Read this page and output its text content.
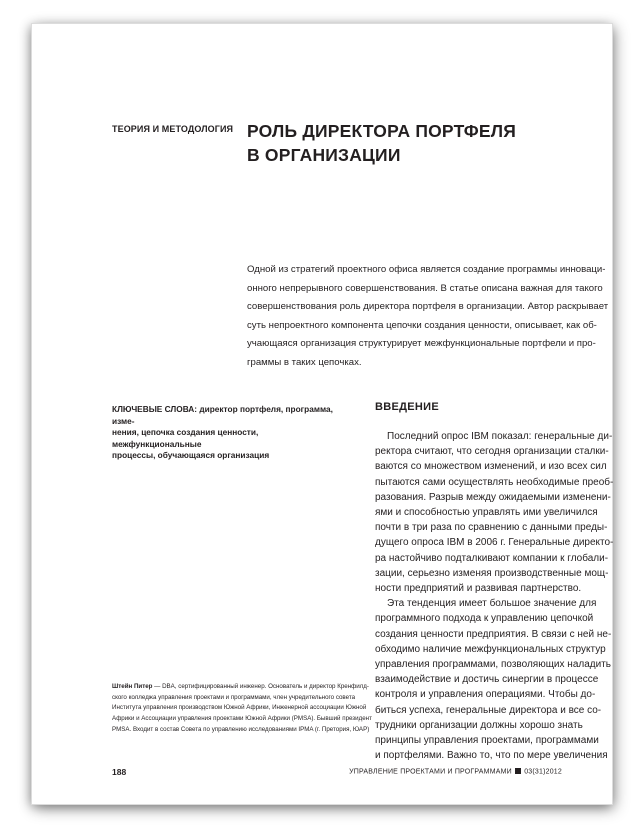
ТЕОРИЯ И МЕТОДОЛОГИЯ РОЛЬ ДИРЕКТОРА ПОРТФЕЛЯ
В ОРГАНИЗАЦИИ
Одной из стратегий проектного офиса является создание программы инноваци-
онного непрерывного совершенствования. В статье описана важная для такого
совершенствования роль директора портфеля в организации. Автор раскрывает
суть непроектного компонента цепочки создания ценности, описывает, как об-
учающаяся организация структурирует межфункциональные портфели и про-
граммы в таких цепочках.
КЛЮЧЕВЫЕ СЛОВА: директор портфеля, программа, изме-
нения, цепочка создания ценности, межфункциональные
процессы, обучающаяся организация
ВВЕДЕНИЕ
Последний опрос IBM показал: генеральные ди-
ректора считают, что сегодня организации сталки-
ваются со множеством изменений, и изо всех сил
пытаются сами осуществлять необходимые преоб-
разования. Разрыв между ожидаемыми изменени-
ями и способностью управлять ими увеличился
почти в три раза по сравнению с данными преды-
дущего опроса IBM в 2006 г. Генеральные директо-
ра настойчиво подталкивают компании к глобали-
зации, серьезно изменяя производственные мощ-
ности предприятий и развивая партнерство.
Эта тенденция имеет большое значение для
программного подхода к управлению цепочкой
создания ценности предприятия. В связи с ней не-
обходимо наличие межфункциональных структур
управления программами, позволяющих наладить
взаимодействие и достичь синергии в процессе
контроля и управления операциями. Чтобы до-
биться успеха, генеральные директора и все со-
трудники организации должны хорошо знать
принципы управления проектами, программами
и портфелями. Важно то, что по мере увеличения
Штейн Питер — DBA, сертифицированный инженер. Основатель и директор Кренфилд-
ского колледжа управления проектами и программами, член учредительного совета
Института управления производством Южной Африки, Инженерной ассоциации Южной
Африки и Ассоциации управления проектами Южной Африки (PMSA). Бывший президент
PMSA. Входит в состав Совета по управлению исследованиями IPMA (г. Претория, ЮАР)
188	УПРАВЛЕНИЕ ПРОЕКТАМИ И ПРОГРАММАМИ 03(31)2012
